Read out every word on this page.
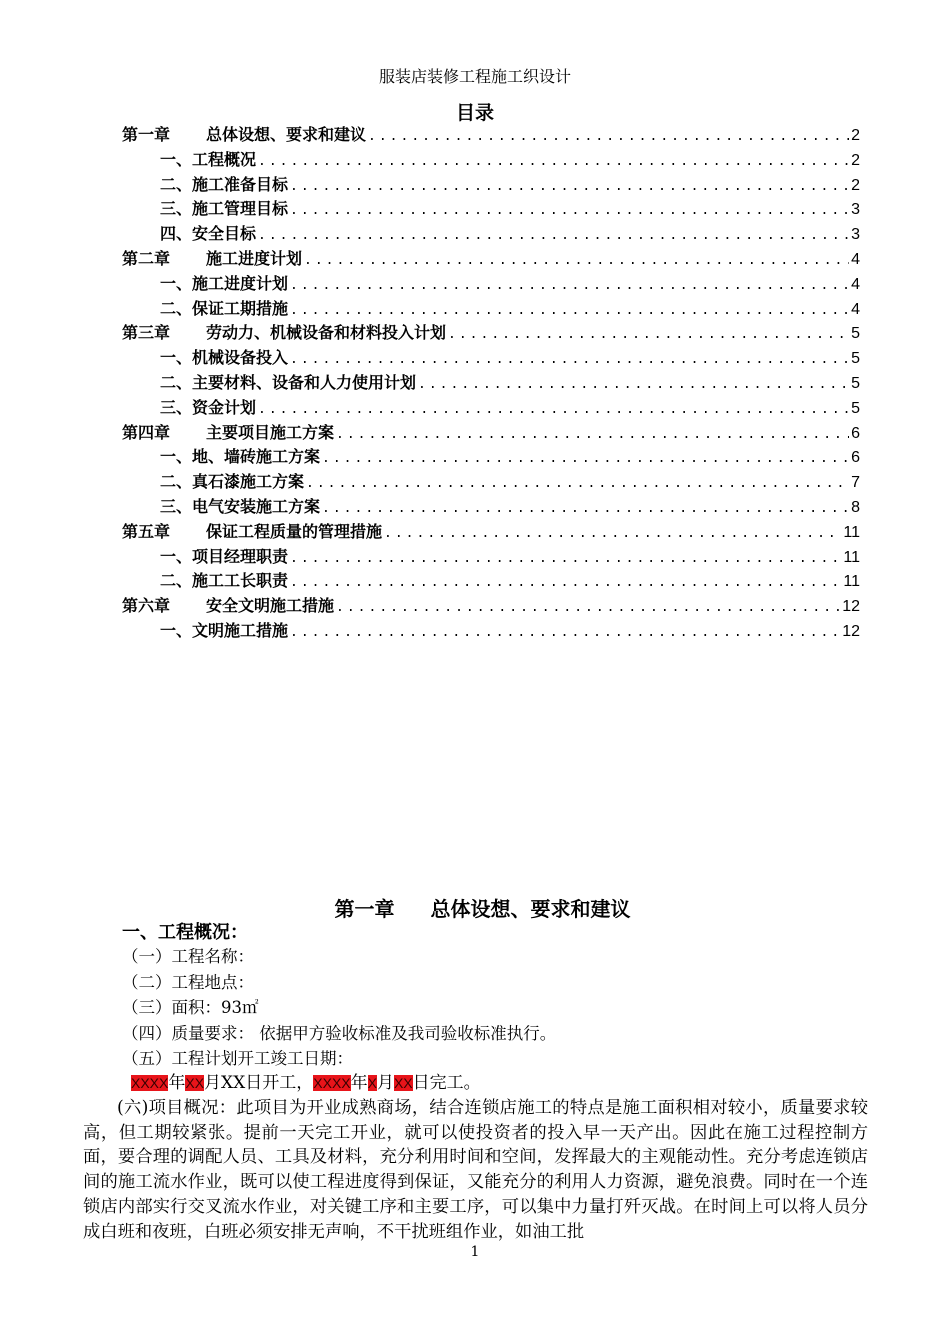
服装店装修工程施工织设计
目录
第一章	总体设想、要求和建议 .....	2
一、工程概况 .....	2
二、施工准备目标 .....	2
三、施工管理目标 .....	3
四、安全目标 .....	3
第二章	施工进度计划 .....	4
一、施工进度计划 .....	4
二、保证工期措施 .....	4
第三章	劳动力、机械设备和材料投入计划 .....	5
一、机械设备投入 .....	5
二、主要材料、设备和人力使用计划 .....	5
三、资金计划 .....	5
第四章	主要项目施工方案 .....	6
一、地、墙砖施工方案 .....	6
二、真石漆施工方案 .....	7
三、电气安装施工方案 .....	8
第五章	保证工程质量的管理措施 .....	11
一、项目经理职责 .....	11
二、施工工长职责 .....	11
第六章	安全文明施工措施 .....	12
一、文明施工措施 .....	12
第一章 总体设想、要求和建议
一、工程概况：
（一）工程名称：
（二）工程地点：
（三）面积：93㎡
（四）质量要求： 依据甲方验收标准及我司验收标准执行。
（五）工程计划开工竣工日期：
XXXX年XX月XX日开工，XXXX年X月XX日完工。
(六)项目概况：此项目为开业成熟商场，结合连锁店施工的特点是施工面积相对较小，质量要求较高，但工期较紧张。提前一天完工开业，就可以使投资者的投入早一天产出。因此在施工过程控制方面，要合理的调配人员、工具及材料，充分利用时间和空间，发挥最大的主观能动性。充分考虑连锁店间的施工流水作业，既可以使工程进度得到保证，又能充分的利用人力资源，避免浪费。同时在一个连锁店内部实行交叉流水作业，对关键工序和主要工序，可以集中力量打歼灭战。在时间上可以将人员分成白班和夜班，白班必须安排无声响，不干扰班组作业，如油工批
1
